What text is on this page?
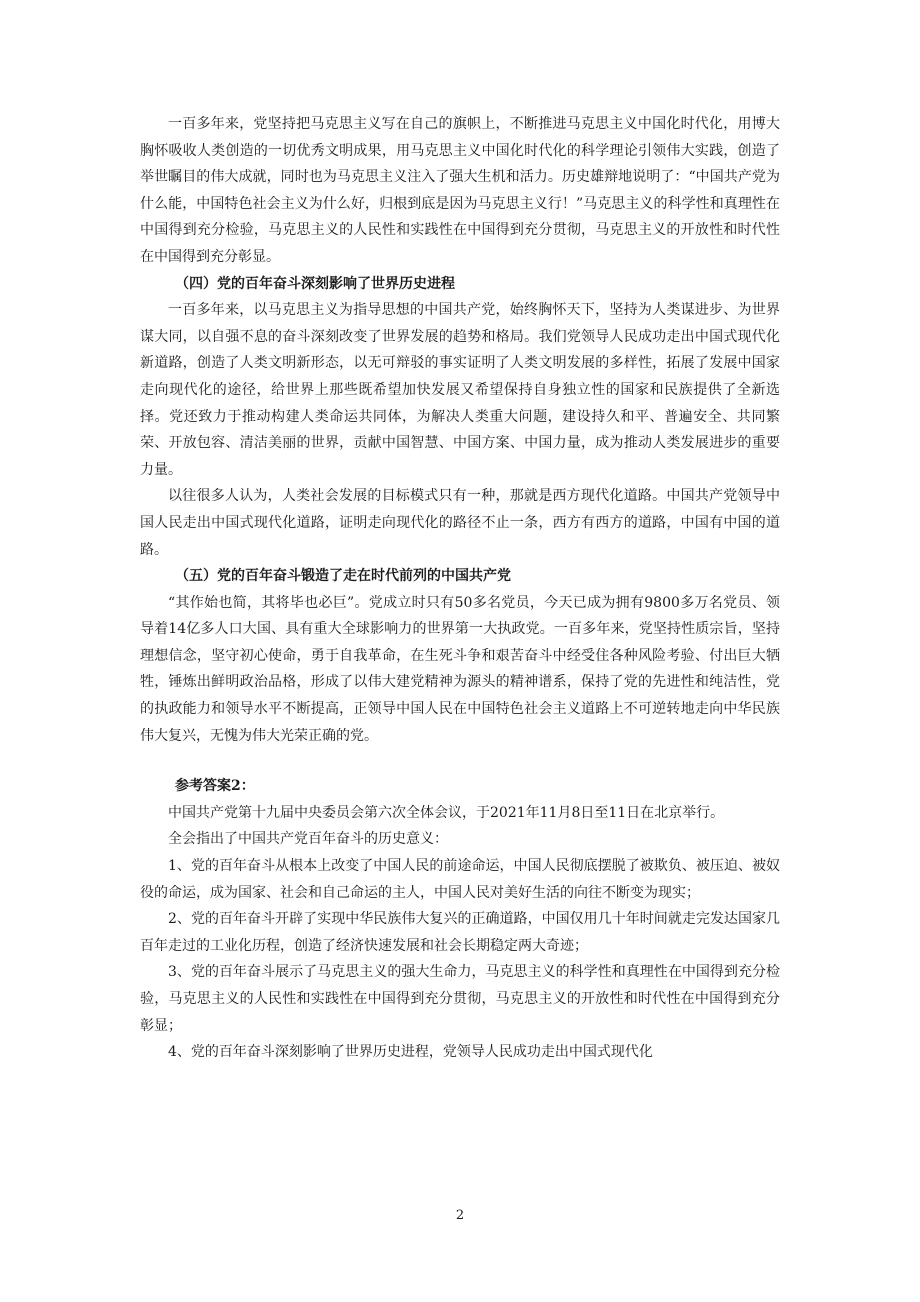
一百多年来，党坚持把马克思主义写在自己的旗帜上，不断推进马克思主义中国化时代化，用博大胸怀吸收人类创造的一切优秀文明成果，用马克思主义中国化时代化的科学理论引领伟大实践，创造了举世瞩目的伟大成就，同时也为马克思主义注入了强大生机和活力。历史雄辩地说明了：“中国共产党为什么能，中国特色社会主义为什么好，归根到底是因为马克思主义行！”马克思主义的科学性和真理性在中国得到充分检验，马克思主义的人民性和实践性在中国得到充分贯彻，马克思主义的开放性和时代性在中国得到充分彰显。

（四）党的百年奋斗深刻影响了世界历史进程

一百多年来，以马克思主义为指导思想的中国共产党，始终胸怀天下，坚持为人类谋进步、为世界谋大同，以自强不息的奋斗深刻改变了世界发展的趋势和格局。我们党领导人民成功走出中国式现代化新道路，创造了人类文明新形态，以无可辩驳的事实证明了人类文明发展的多样性，拓展了发展中国家走向现代化的途径，给世界上那些既希望加快发展又希望保持自身独立性的国家和民族提供了全新选择。党还致力于推动构建人类命运共同体，为解决人类重大问题，建设持久和平、普遍安全、共同繁荣、开放包容、清洁美丽的世界，贡献中国智慧、中国方案、中国力量，成为推动人类发展进步的重要力量。

以往很多人认为，人类社会发展的目标模式只有一种，那就是西方现代化道路。中国共产党领导中国人民走出中国式现代化道路，证明走向现代化的路径不止一条，西方有西方的道路，中国有中国的道路。

（五）党的百年奋斗锻造了走在时代前列的中国共产党

“其作始也简，其将毕也必巨”。党成立时只有50多名党员，今天已成为拥有9800多万名党员、领导着14亿多人口大国、具有重大全球影响力的世界第一大执政党。一百多年来，党坚持性质宗旨，坚持理想信念，坚守初心使命，勇于自我革命，在生死斗争和艰苦奋斗中经受住各种风险考验、付出巨大牺牲，锤炼出鲜明政治品格，形成了以伟大建党精神为源头的精神谱系，保持了党的先进性和纯洁性，党的执政能力和领导水平不断提高，正领导中国人民在中国特色社会主义道路上不可逆转地走向中华民族伟大复兴，无愧为伟大光荣正确的党。

参考答案2：

中国共产党第十九届中央委员会第六次全体会议，于2021年11月8日至11日在北京举行。

全会指出了中国共产党百年奋斗的历史意义：

1、党的百年奋斗从根本上改变了中国人民的前途命运，中国人民彻底摆脱了被欺负、被压迫、被奴役的命运，成为国家、社会和自己命运的主人，中国人民对美好生活的向往不断变为现实；

2、党的百年奋斗开辟了实现中华民族伟大复兴的正确道路，中国仅用几十年时间就走完发达国家几百年走过的工业化历程，创造了经济快速发展和社会长期稳定两大奇迹；

3、党的百年奋斗展示了马克思主义的强大生命力，马克思主义的科学性和真理性在中国得到充分检验，马克思主义的人民性和实践性在中国得到充分贯彻，马克思主义的开放性和时代性在中国得到充分彰显；

4、党的百年奋斗深刻影响了世界历史进程，党领导人民成功走出中国式现代化

2
